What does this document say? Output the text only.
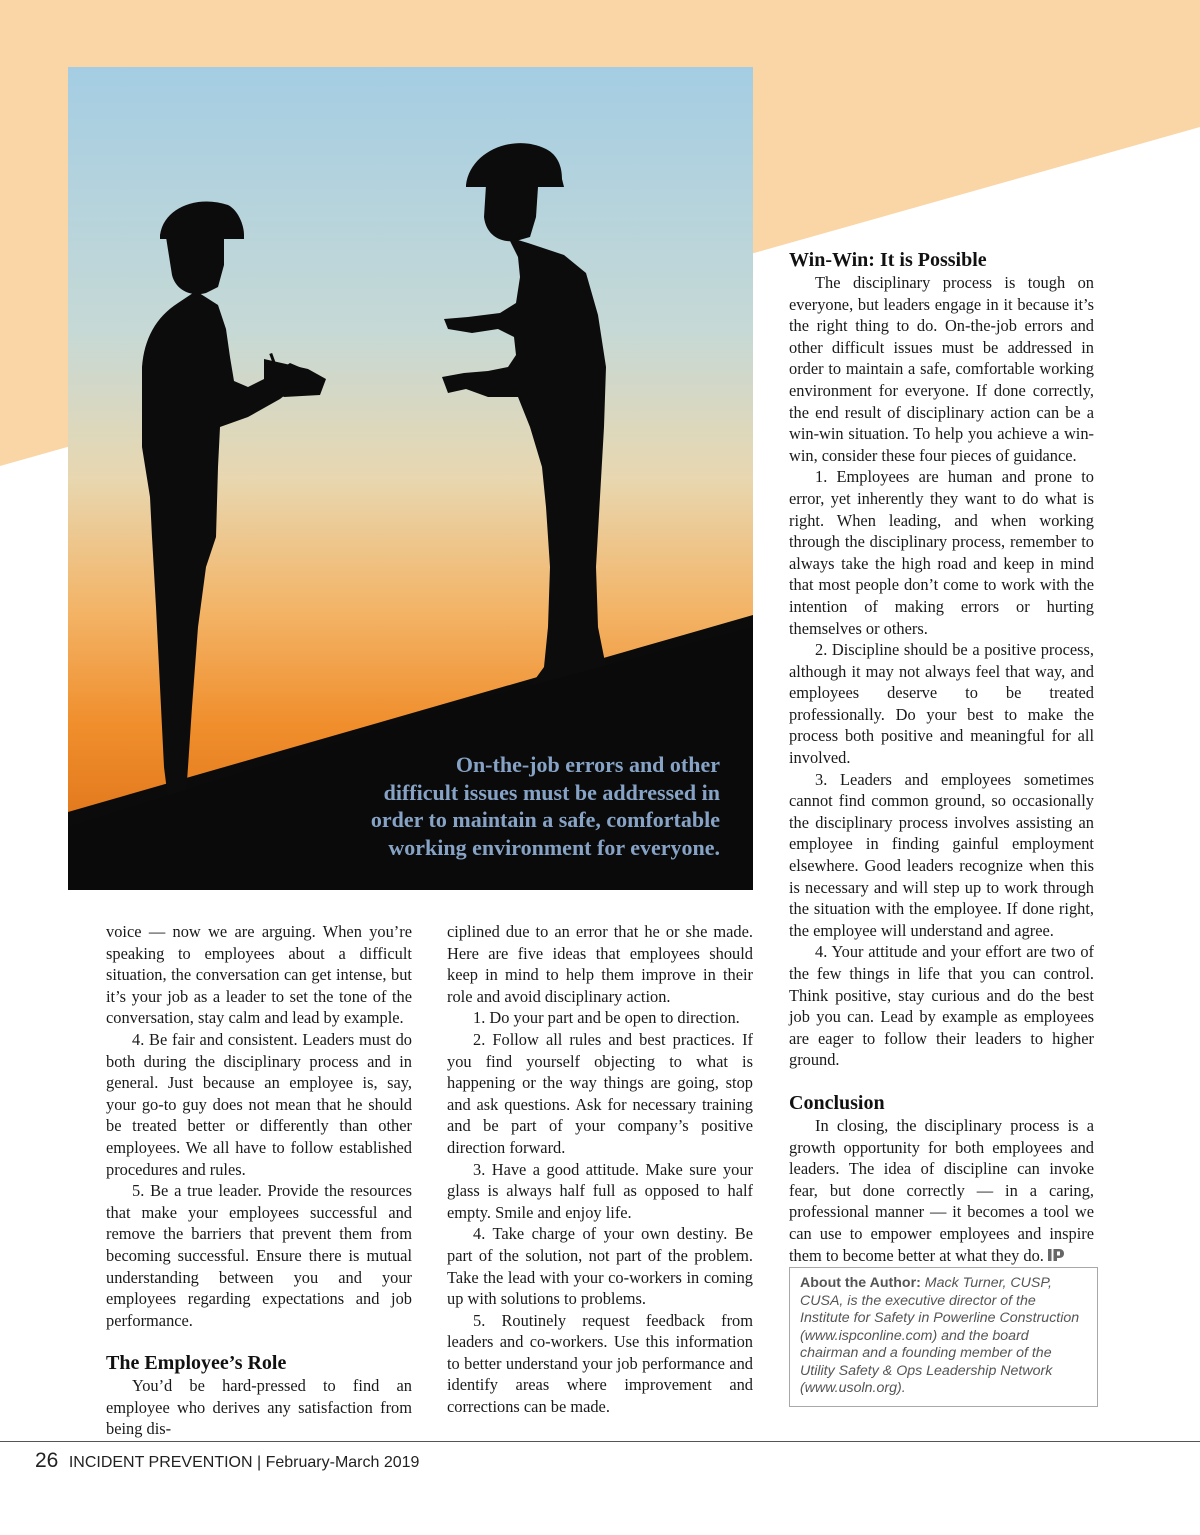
On-the-job errors and other
difficult issues must be addressed in
order to maintain a safe, comfortable
working environment for everyone.

voice — now we are arguing. When you’re speaking to employees about a difficult situation, the conversation can get intense, but it’s your job as a leader to set the tone of the conversation, stay calm and lead by example.

4. Be fair and consistent. Leaders must do both during the disciplinary process and in general. Just because an employee is, say, your go-to guy does not mean that he should be treated better or differently than other employees. We all have to follow established procedures and rules.

5. Be a true leader. Provide the resources that make your employees successful and remove the barriers that prevent them from becoming successful. Ensure there is mutual understanding between you and your employees regarding expectations and job performance.

The Employee’s Role

You’d be hard-pressed to find an employee who derives any satisfaction from being dis-

ciplined due to an error that he or she made. Here are five ideas that employees should keep in mind to help them improve in their role and avoid disciplinary action.

1. Do your part and be open to direction.

2. Follow all rules and best practices. If you find yourself objecting to what is happening or the way things are going, stop and ask questions. Ask for necessary training and be part of your company’s positive direction forward.

3. Have a good attitude. Make sure your glass is always half full as opposed to half empty. Smile and enjoy life.

4. Take charge of your own destiny. Be part of the solution, not part of the problem. Take the lead with your co-workers in coming up with solutions to problems.

5. Routinely request feedback from leaders and co-workers. Use this information to better understand your job performance and identify areas where improvement and corrections can be made.

Win-Win: It is Possible

The disciplinary process is tough on everyone, but leaders engage in it because it’s the right thing to do. On-the-job errors and other difficult issues must be addressed in order to maintain a safe, comfortable working environment for everyone. If done correctly, the end result of disciplinary action can be a win-win situation. To help you achieve a win-win, consider these four pieces of guidance.

1. Employees are human and prone to error, yet inherently they want to do what is right. When leading, and when working through the disciplinary process, remember to always take the high road and keep in mind that most people don’t come to work with the intention of making errors or hurting themselves or others.

2. Discipline should be a positive process, although it may not always feel that way, and employees deserve to be treated professionally. Do your best to make the process both positive and meaningful for all involved.

3. Leaders and employees sometimes cannot find common ground, so occasionally the disciplinary process involves assisting an employee in finding gainful employment elsewhere. Good leaders recognize when this is necessary and will step up to work through the situation with the employee. If done right, the employee will understand and agree.

4. Your attitude and your effort are two of the few things in life that you can control. Think positive, stay curious and do the best job you can. Lead by example as employees are eager to follow their leaders to higher ground.

Conclusion

In closing, the disciplinary process is a growth opportunity for both employees and leaders. The idea of discipline can invoke fear, but done correctly — in a caring, professional manner — it becomes a tool we can use to empower employees and inspire them to become better at what they do.

About the Author: Mack Turner, CUSP, CUSA, is the executive director of the Institute for Safety in Powerline Construction (www.ispconline.com) and the board chairman and a founding member of the Utility Safety & Ops Leadership Network (www.usoln.org).
26 INCIDENT PREVENTION | February-March 2019
